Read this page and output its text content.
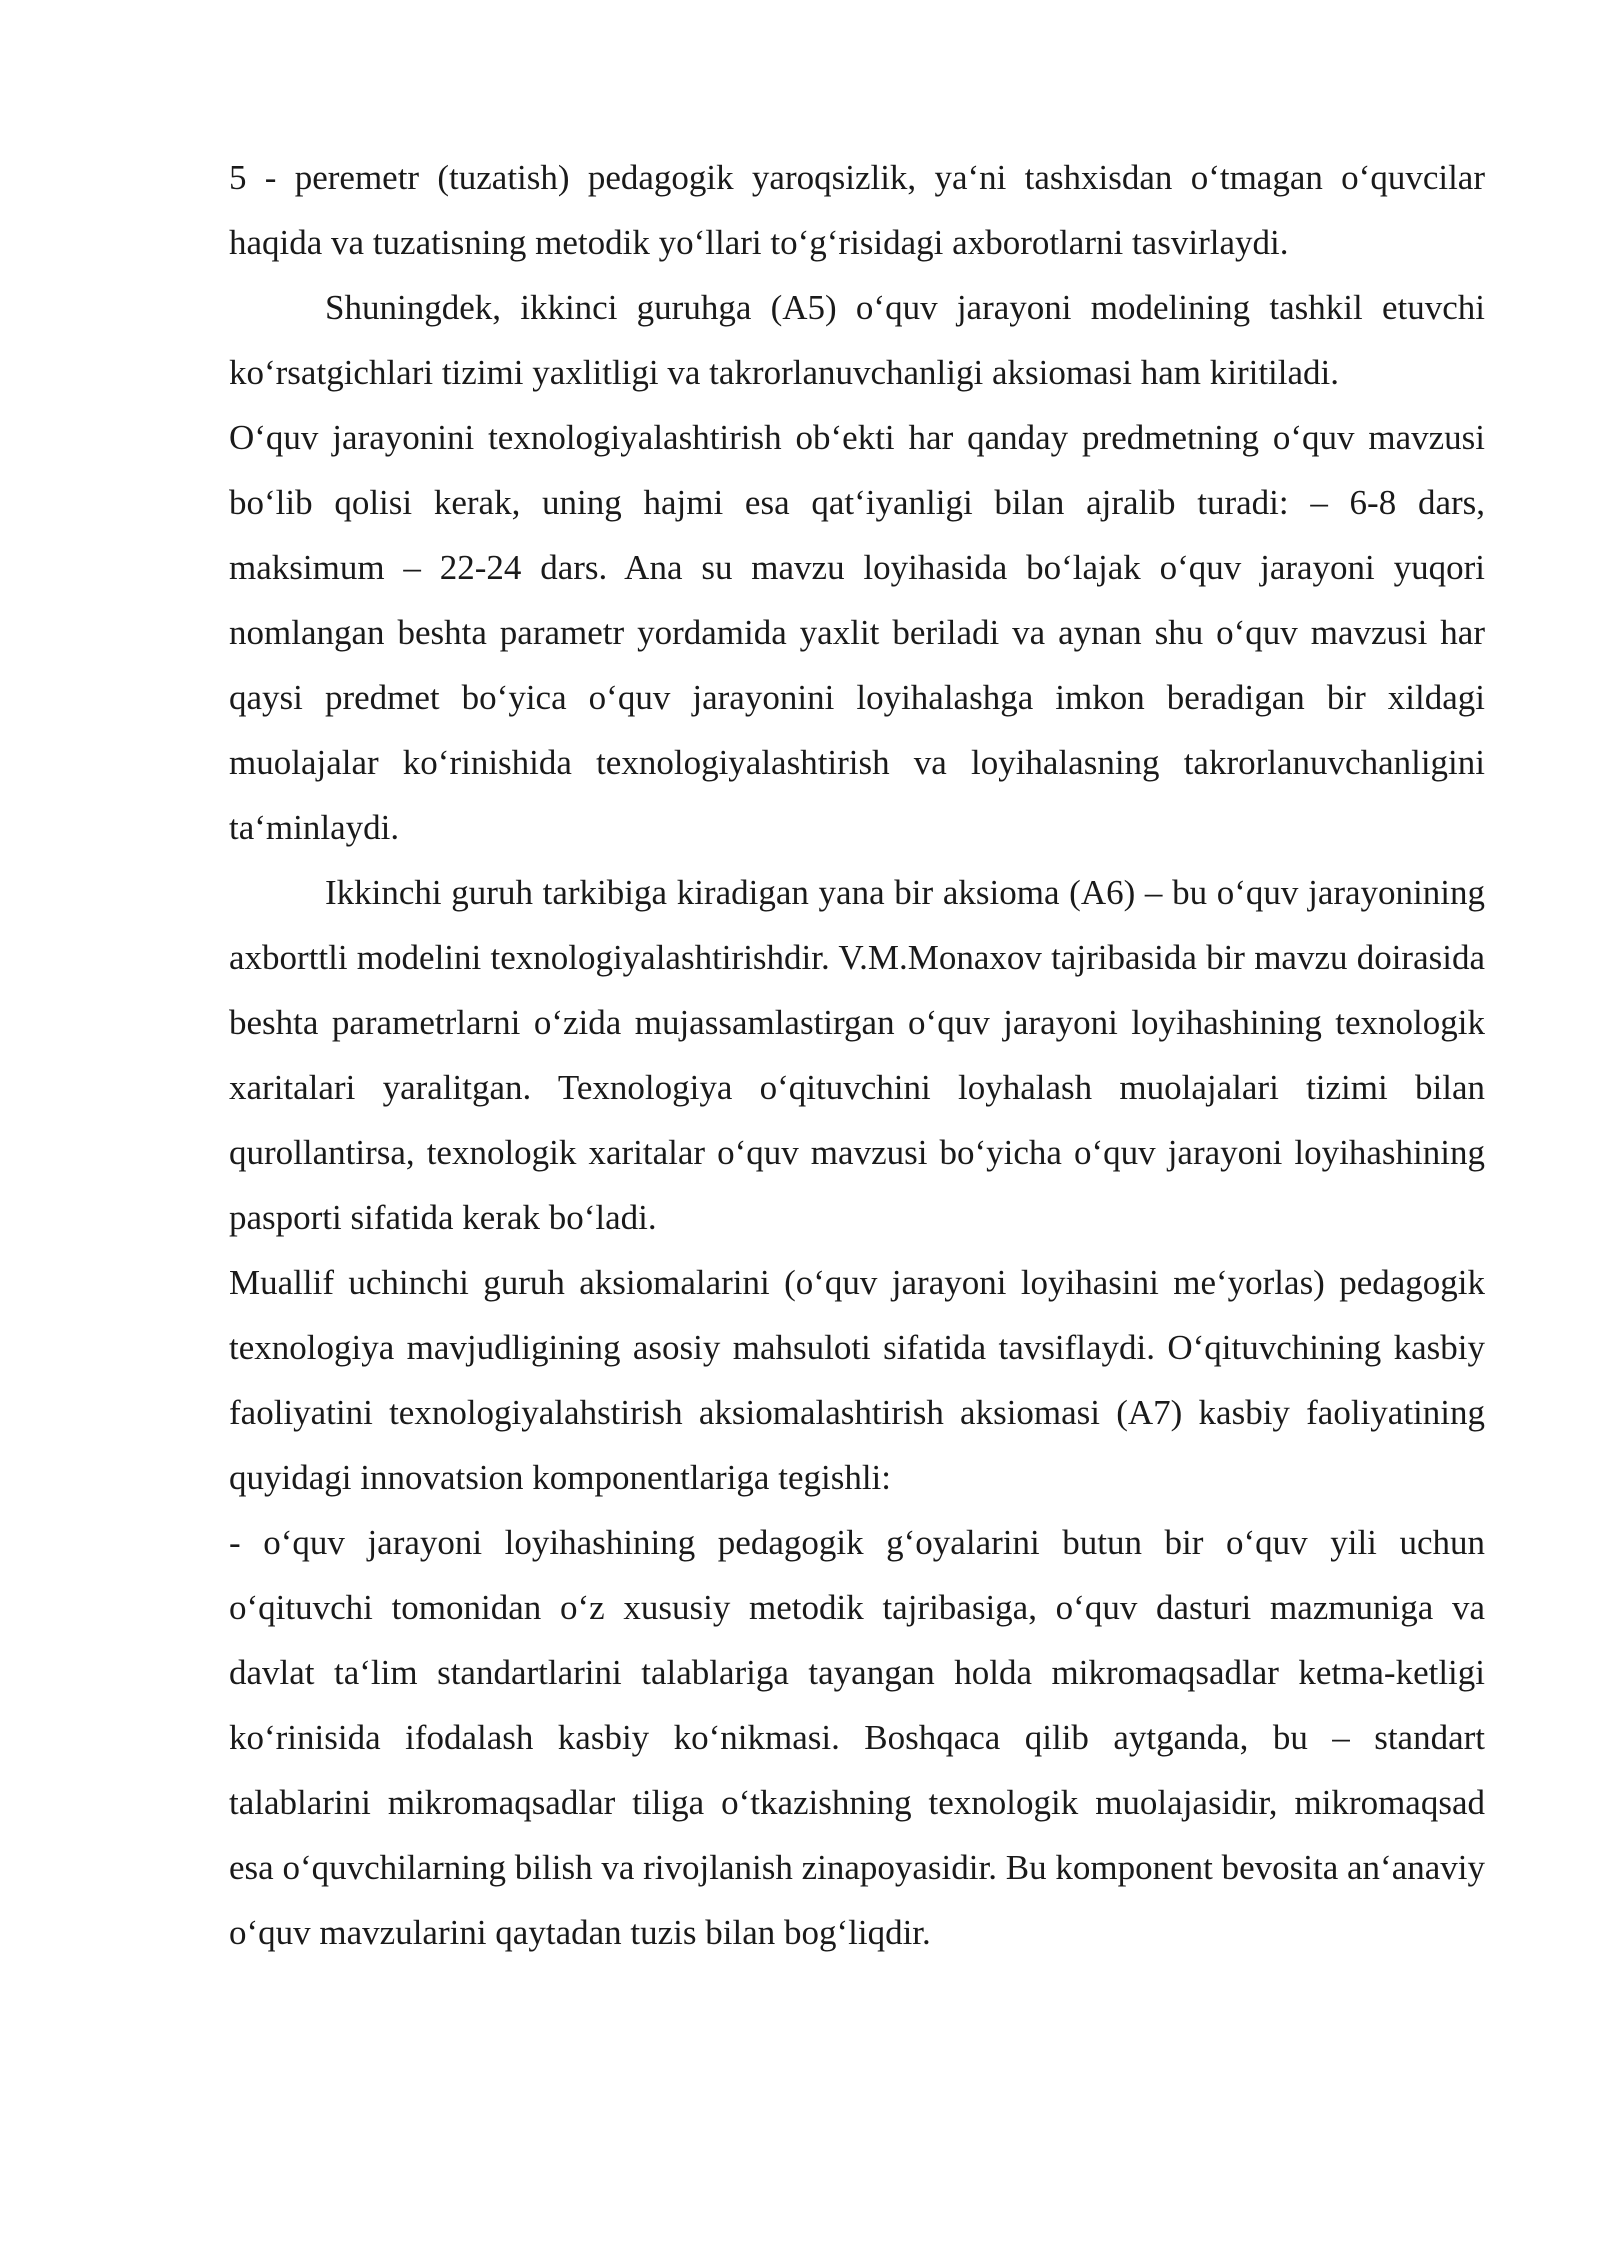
5 - peremetr (tuzatish) pedagogik yaroqsizlik, ya‘ni tashxisdan o‘tmagan o‘quvcilar haqida va tuzatisning metodik yo‘llari to‘g‘risidagi axborotlarni tasvirlaydi.

Shuningdek, ikkinci guruhga (A5) o‘quv jarayoni modelining tashkil etuvchi ko‘rsatgichlari tizimi yaxlitligi va takrorlanuvchanligi aksiomasi ham kiritiladi.

O‘quv jarayonini texnologiyalashtirish ob‘ekti har qanday predmetning o‘quv mavzusi bo‘lib qolisi kerak, uning hajmi esa qat‘iyanligi bilan ajralib turadi: – 6-8 dars, maksimum – 22-24 dars. Ana su mavzu loyihasida bo‘lajak o‘quv jarayoni yuqori nomlangan beshta parametr yordamida yaxlit beriladi va aynan shu o‘quv mavzusi har qaysi predmet bo‘yica o‘quv jarayonini loyihalashga imkon beradigan bir xildagi muolajalar ko‘rinishida texnologiyalashtirish va loyihalasning takrorlanuvchanligini ta‘minlaydi.

Ikkinchi guruh tarkibiga kiradigan yana bir aksioma (A6) – bu o‘quv jarayonining axborttli modelini texnologiyalashtirishdir. V.M.Monaxov tajribasida bir mavzu doirasida beshta parametrlarni o‘zida mujassamlastirgan o‘quv jarayoni loyihashining texnologik xaritalari yaralitgan. Texnologiya o‘qituvchini loyhalash muolajalari tizimi bilan qurollantirsa, texnologik xaritalar o‘quv mavzusi bo‘yicha o‘quv jarayoni loyihashining pasporti sifatida kerak bo‘ladi.

Muallif uchinchi guruh aksiomalarini (o‘quv jarayoni loyihasini me‘yorlas) pedagogik texnologiya mavjudligining asosiy mahsuloti sifatida tavsiflaydi. O‘qituvchining kasbiy faoliyatini texnologiyalahstirish aksiomalashtirish aksiomasi (A7) kasbiy faoliyatining quyidagi innovatsion komponentlariga tegishli:

- o‘quv jarayoni loyihashining pedagogik g‘oyalarini butun bir o‘quv yili uchun o‘qituvchi tomonidan o‘z xususiy metodik tajribasiga, o‘quv dasturi mazmuniga va davlat ta‘lim standartlarini talablariga tayangan holda mikromaqsadlar ketma-ketligi ko‘rinisida ifodalash kasbiy ko‘nikmasi. Boshqaca qilib aytganda, bu – standart talablarini mikromaqsadlar tiliga o‘tkazishning texnologik muolajasidir, mikromaqsad esa o‘quvchilarning bilish va rivojlanish zinapoyasidir. Bu komponent bevosita an‘anaviy o‘quv mavzularini qaytadan tuzis bilan bog‘liqdir.
